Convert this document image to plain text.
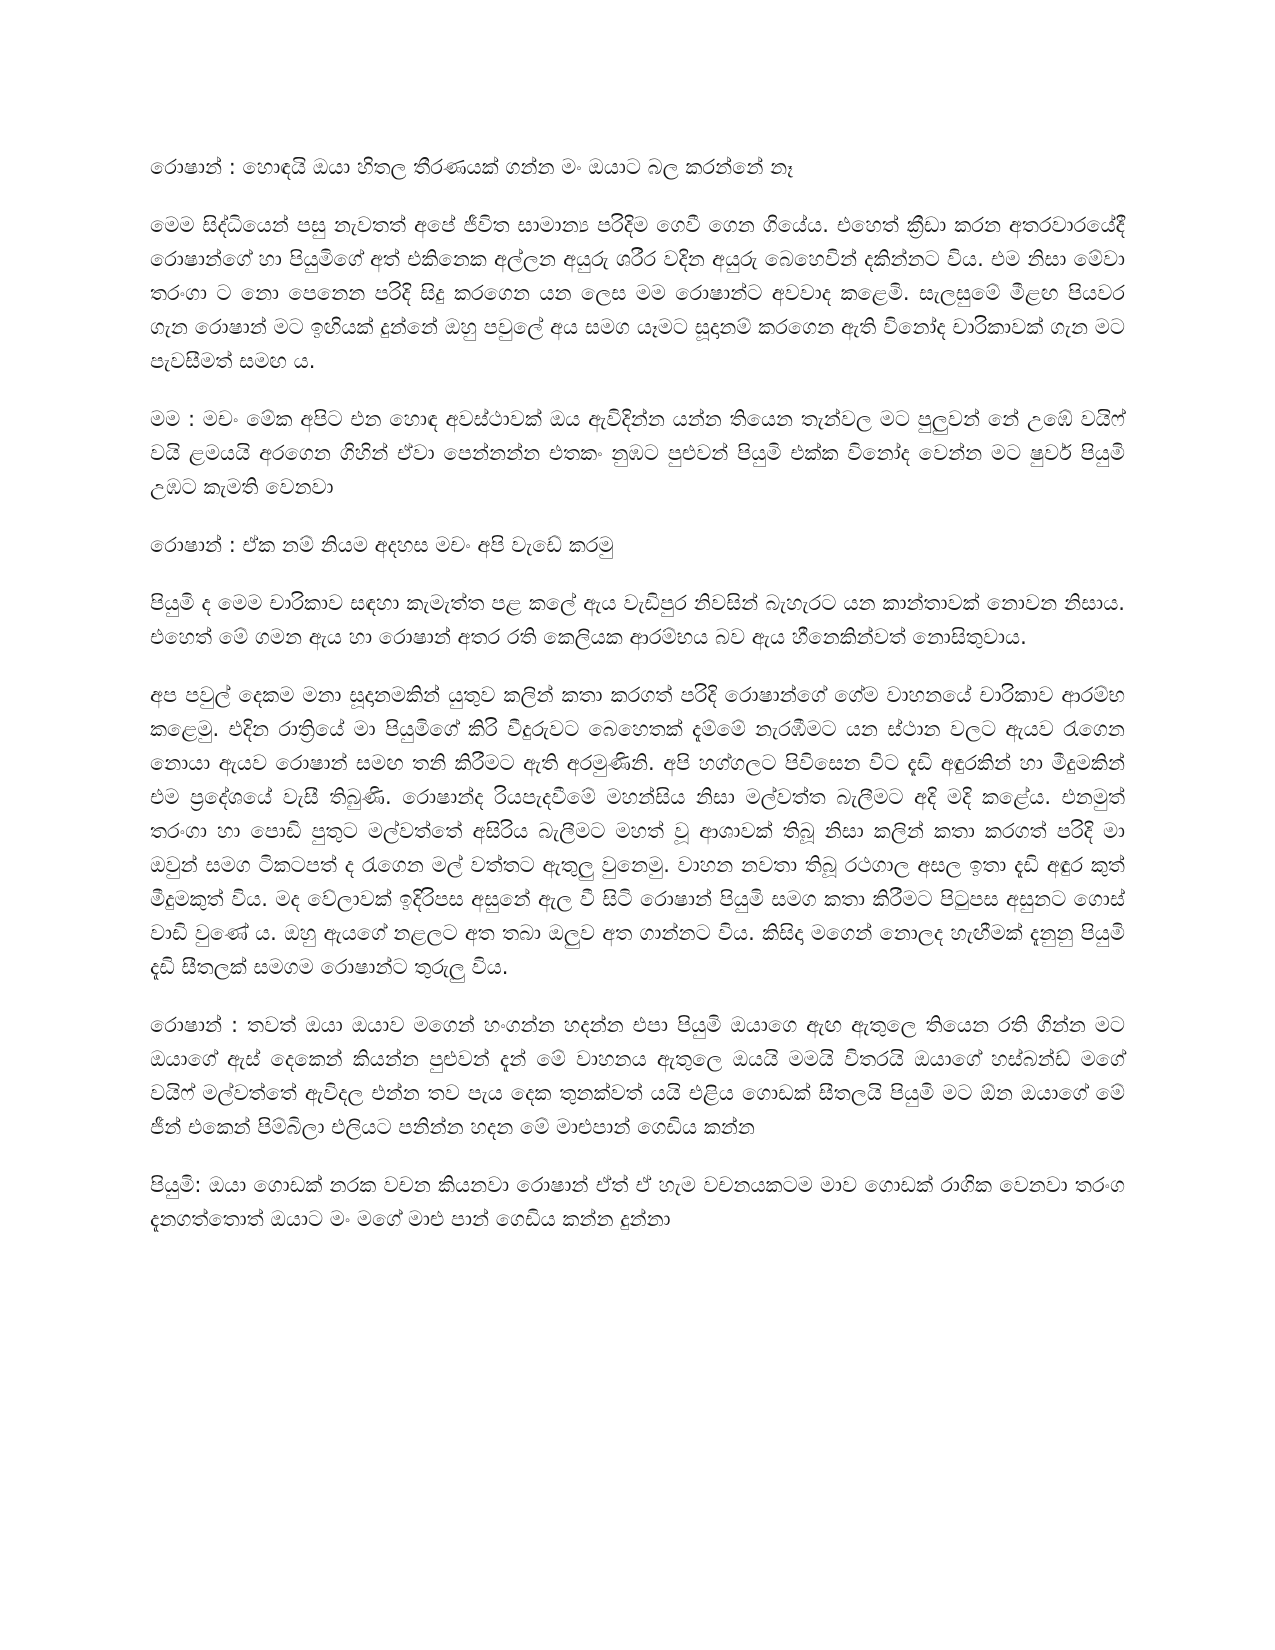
රොෂාන් : හොඳයි ඔයා හිතල තීරණයක් ගන්න මං ඔයාට බල කරන්නේ නෑ

මෙම සිද්ධියෙන් පසු නැවතත් අපේ ජීවිත සාමාන්‍ය පරිදිම ගෙවී ගෙන ගියේය. එහෙත් ක්‍රීඩා කරන අතරවාරයේදී රොෂාන්ගේ හා පියුමිගේ අත් එකිනෙක අල්ලන අයුරු ශරීර වදින අයුරු බෙහෙවින් දකින්නට විය. එම නිසා මේවා තරංගා ට නො පෙනෙන පරිදි සිදු කරගෙන යන ලෙස මම රොෂාන්ට අවවාද කළෙමි. සැලසුමේ මීළඟ පියවර ගැන රොෂාන් මට ඉඟියක් දුන්නේ ඔහු පවුලේ අය සමග යෑමට සූදානම් කරගෙන ඇති විනෝද චාරිකාවක් ගැන මට පැවසීමත් සමඟ ය.

මම : මචං මේක අපිට එන හොඳ අවස්ථාවක් ඔය ඇවිදින්න යන්න තියෙන තැන්වල මට පුලුවන් නේ උඹේ වයිෆ් වයි ළමයයි අරගෙන ගිහින් ඒවා පෙන්නන්න එතකං නුඹට පුළුවන් පියුමි එක්ක විනෝද වෙන්න මට ෂුවර් පියුමි උඹට කැමති වෙනවා

රොෂාන් : ඒක නම් නියම අදහස මචං අපි වැඩේ කරමු

පියුමි ද මෙම චාරිකාව සඳහා කැමැත්ත පළ කලේ ඇය වැඩිපුර නිවසින් බැහැරට යන කාන්තාවක් නොවන නිසාය. එහෙත් මේ ගමන ඇය හා රොෂාන් අතර රති කෙලියක ආරම්භය බව ඇය හීනෙකින්වත් නොසිතුවාය.

අප පවුල් දෙකම මනා සූදානමකින් යුතුව කලින් කතා කරගත් පරිදි රොෂාන්ගේ ගේම වාහනයේ චාරිකාව ආරම්භ කළෙමු. එදින රාත්‍රියේ මා පියුමිගේ කිරි වීදුරුවට බෙහෙතක් දැම්මේ නැරඹීමට යන ස්ථාන වලට ඇයව රැගෙන නොයා ඇයව රොෂාන් සමඟ තනි කිරීමට ඇති අරමුණිනි. අපි හග්ගලට පිවිසෙන විට දැඩි අඳුරකින් හා මීදුමකින් එම ප්‍රදේශයේ වැසී තිබුණි. රොෂාන්ද රියපැදවීමේ මහන්සිය නිසා මල්වත්ත බැලීමට අදි මදි කළේය. එනමුත් තරංගා හා පොඩි පුතුට මල්වත්තේ අසිරිය බැලීමට මහත් වූ ආශාවක් තිබූ නිසා කලින් කතා කරගත් පරිදි මා ඔවුන් සමග ටිකටපත් ද රැගෙන මල් වත්තට ඇතුලු වුනෙමු. වාහන නවතා තිබූ රථගාල අසල ඉතා දැඩි අඳුර කුත් මීදුමකුත් විය. මද වේලාවක් ඉදිරිපස අසුනේ ඇල වී සිටි රොෂාන් පියුමි සමග කතා කිරීමට පිටුපස අසුනට ගොස් වාඩි වුණේ ය. ඔහු ඇයගේ නළලට අත තබා ඔලුව අත ගාන්නට විය. කිසිදා මගෙන් නොලද හැඟීමක් දැනුනු පියුමි දැඩි සීතලක් සමගම රොෂාන්ට තුරුලු විය.

රොෂාන් : තවත් ඔයා ඔයාව මගෙන් හංගන්න හදන්න එපා පියුමි ඔයාගෙ ඇඟ ඇතුලෙ තියෙන රති ගින්න මට ඔයාගේ ඇස් දෙකෙන් කියන්න පුළුවන් දැන් මේ වාහනය ඇතුලෙ ඔයයි මමයි විතරයි ඔයාගේ හස්බන්ඩ් මගේ වයිෆ් මල්වත්තේ ඇවිදල එන්න තව පැය දෙක තුනක්වත් යයි එළිය ගොඩක් සීතලයි පියුමි මට ඕන ඔයාගේ මේ ජීන් එකෙන් පිම්බිලා එලියට පනින්න හදන මේ මාළුපාන් ගෙඩිය කන්න

පියුමි: ඔයා ගොඩක් නරක වචන කියනවා රොෂාන් ඒත් ඒ හැම වචනයකටම මාව ගොඩක් රාගික වෙනවා තරංග දැනගත්තොත් ඔයාට මං මගේ මාළු පාන් ගෙඩිය කන්න දුන්නා
